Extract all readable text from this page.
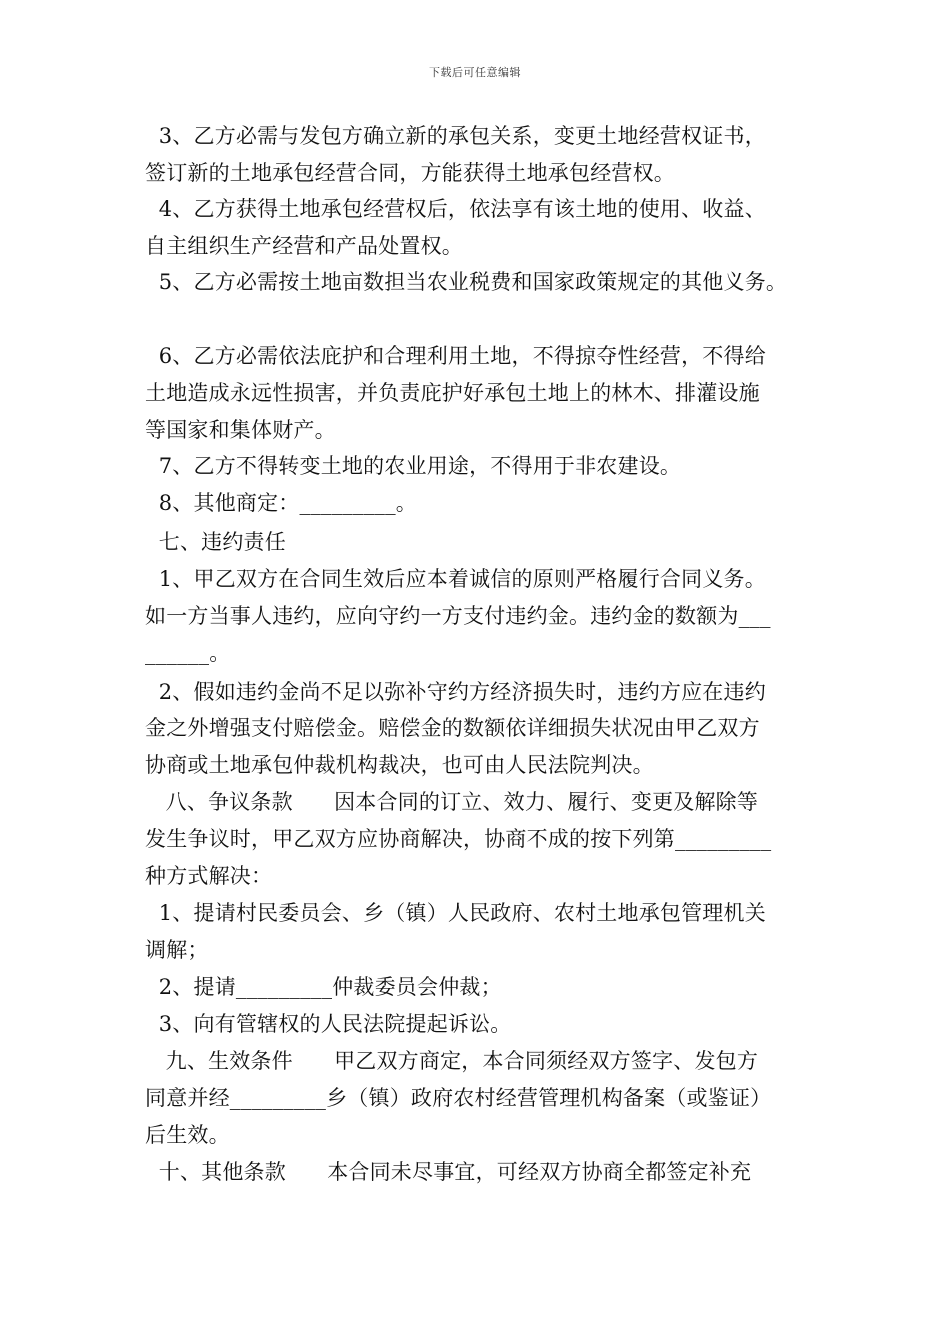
下载后可任意编辑
3、乙方必需与发包方确立新的承包关系，变更土地经营权证书，
签订新的土地承包经营合同，方能获得土地承包经营权。
4、乙方获得土地承包经营权后，依法享有该土地的使用、收益、
自主组织生产经营和产品处置权。
5、乙方必需按土地亩数担当农业税费和国家政策规定的其他义务。
6、乙方必需依法庇护和合理利用土地，不得掠夺性经营，不得给
土地造成永远性损害，并负责庇护好承包土地上的林木、排灌设施
等国家和集体财产。
7、乙方不得转变土地的农业用途，不得用于非农建设。
8、其他商定：_________。
七、违约责任
1、甲乙双方在合同生效后应本着诚信的原则严格履行合同义务。
如一方当事人违约，应向守约一方支付违约金。违约金的数额为___
______。
2、假如违约金尚不足以弥补守约方经济损失时，违约方应在违约
金之外增强支付赔偿金。赔偿金的数额依详细损失状况由甲乙双方
协商或土地承包仲裁机构裁决，也可由人民法院判决。
八、争议条款      因本合同的订立、效力、履行、变更及解除等
发生争议时，甲乙双方应协商解决，协商不成的按下列第_________
种方式解决：
1、提请村民委员会、乡（镇）人民政府、农村土地承包管理机关
调解；
2、提请_________仲裁委员会仲裁；
3、向有管辖权的人民法院提起诉讼。
九、生效条件      甲乙双方商定，本合同须经双方签字、发包方
同意并经_________乡（镇）政府农村经营管理机构备案（或鉴证）
后生效。
十、其他条款      本合同未尽事宜，可经双方协商全都签定补充
